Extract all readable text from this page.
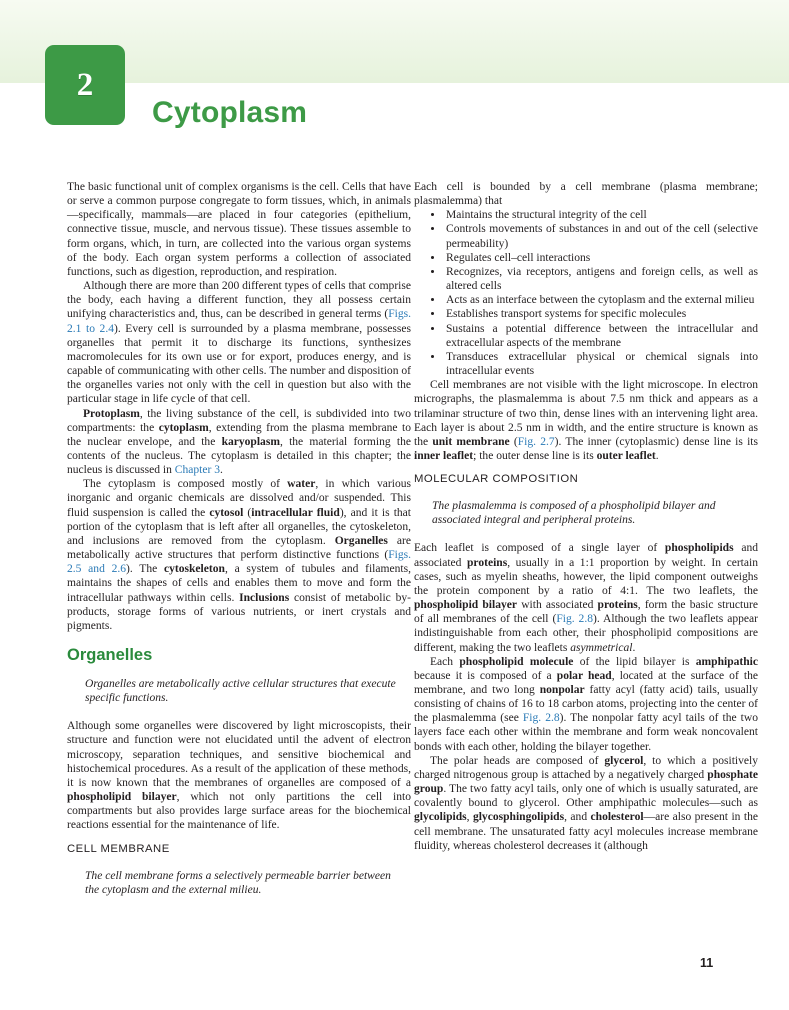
2
Cytoplasm

The basic functional unit of complex organisms is the cell. Cells that have or serve a common purpose congregate to form tissues, which, in animals—specifically, mammals—are placed in four categories (epithelium, connective tissue, muscle, and nervous tissue). These tissues assemble to form organs, which, in turn, are collected into the various organ systems of the body. Each organ system performs a collection of associated functions, such as digestion, reproduction, and respiration.

Although there are more than 200 different types of cells that comprise the body, each having a different function, they all possess certain unifying characteristics and, thus, can be described in general terms (Figs. 2.1 to 2.4). Every cell is surrounded by a plasma membrane, possesses organelles that permit it to discharge its functions, synthesizes macromolecules for its own use or for export, produces energy, and is capable of communicating with other cells. The number and disposition of the organelles varies not only with the cell in question but also with the particular stage in life cycle of that cell.

Protoplasm, the living substance of the cell, is subdivided into two compartments: the cytoplasm, extending from the plasma membrane to the nuclear envelope, and the karyoplasm, the material forming the contents of the nucleus. The cytoplasm is detailed in this chapter; the nucleus is discussed in Chapter 3.

The cytoplasm is composed mostly of water, in which various inorganic and organic chemicals are dissolved and/or suspended. This fluid suspension is called the cytosol (intracellular fluid), and it is that portion of the cytoplasm that is left after all organelles, the cytoskeleton, and inclusions are removed from the cytoplasm. Organelles are metabolically active structures that perform distinctive functions (Figs. 2.5 and 2.6). The cytoskeleton, a system of tubules and filaments, maintains the shapes of cells and enables them to move and form the intracellular pathways within cells. Inclusions consist of metabolic by-products, storage forms of various nutrients, or inert crystals and pigments.

Organelles

Organelles are metabolically active cellular structures that execute specific functions.

Although some organelles were discovered by light microscopists, their structure and function were not elucidated until the advent of electron microscopy, separation techniques, and sensitive biochemical and histochemical procedures. As a result of the application of these methods, it is now known that the membranes of organelles are composed of a phospholipid bilayer, which not only partitions the cell into compartments but also provides large surface areas for the biochemical reactions essential for the maintenance of life.

CELL MEMBRANE

The cell membrane forms a selectively permeable barrier between the cytoplasm and the external milieu.

Each cell is bounded by a cell membrane (plasma membrane; plasmalemma) that

• Maintains the structural integrity of the cell
• Controls movements of substances in and out of the cell (selective permeability)
• Regulates cell–cell interactions
• Recognizes, via receptors, antigens and foreign cells, as well as altered cells
• Acts as an interface between the cytoplasm and the external milieu
• Establishes transport systems for specific molecules
• Sustains a potential difference between the intracellular and extracellular aspects of the membrane
• Transduces extracellular physical or chemical signals into intracellular events

Cell membranes are not visible with the light microscope. In electron micrographs, the plasmalemma is about 7.5 nm thick and appears as a trilaminar structure of two thin, dense lines with an intervening light area. Each layer is about 2.5 nm in width, and the entire structure is known as the unit membrane (Fig. 2.7). The inner (cytoplasmic) dense line is its inner leaflet; the outer dense line is its outer leaflet.

MOLECULAR COMPOSITION

The plasmalemma is composed of a phospholipid bilayer and associated integral and peripheral proteins.

Each leaflet is composed of a single layer of phospholipids and associated proteins, usually in a 1:1 proportion by weight. In certain cases, such as myelin sheaths, however, the lipid component outweighs the protein component by a ratio of 4:1. The two leaflets, the phospholipid bilayer with associated proteins, form the basic structure of all membranes of the cell (Fig. 2.8). Although the two leaflets appear indistinguishable from each other, their phospholipid compositions are different, making the two leaflets asymmetrical.

Each phospholipid molecule of the lipid bilayer is amphipathic because it is composed of a polar head, located at the surface of the membrane, and two long nonpolar fatty acyl (fatty acid) tails, usually consisting of chains of 16 to 18 carbon atoms, projecting into the center of the plasmalemma (see Fig. 2.8). The nonpolar fatty acyl tails of the two layers face each other within the membrane and form weak noncovalent bonds with each other, holding the bilayer together.

The polar heads are composed of glycerol, to which a positively charged nitrogenous group is attached by a negatively charged phosphate group. The two fatty acyl tails, only one of which is usually saturated, are covalently bound to glycerol. Other amphipathic molecules—such as glycolipids, glycosphingolipids, and cholesterol—are also present in the cell membrane. The unsaturated fatty acyl molecules increase membrane fluidity, whereas cholesterol decreases it (although

11
